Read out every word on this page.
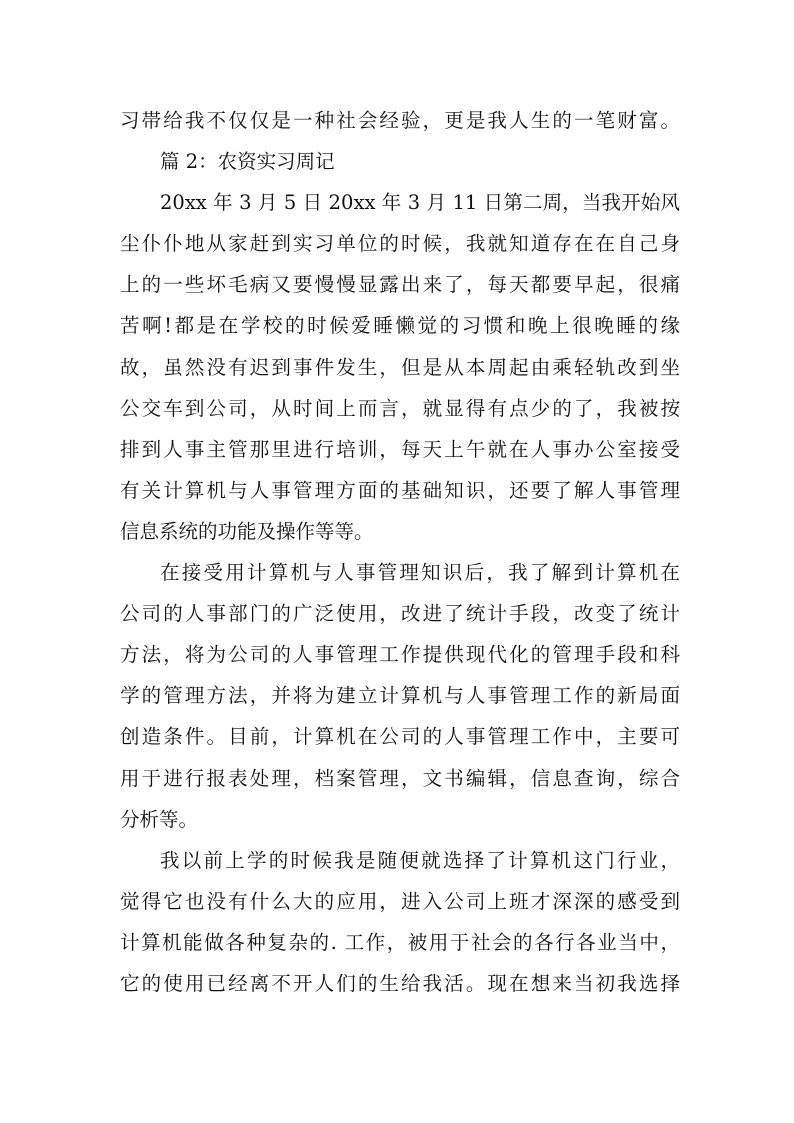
习帯给我不仅仅是一种社会经验，更是我人生的一笔财富。
篇 2：农资实习周记
20xx 年 3 月 5 日 20xx 年 3 月 11 日第二周，当我开始风
尘仆仆地从家赶到实习单位的时候，我就知道存在在自己身
上的一些坏毛病又要慢慢显露出来了，每天都要早起，很痛
苦啊!都是在学校的时候爱睡懒觉的习惯和晚上很晚睡的缘
故，虽然没有迟到事件发生，但是从本周起由乘轻轨改到坐
公交车到公司，从时间上而言，就显得有点少的了，我被按
排到人事主管那里进行培训，每天上午就在人事办公室接受
有关计算机与人事管理方面的基础知识，还要了解人事管理
信息系统的功能及操作等等。
在接受用计算机与人事管理知识后，我了解到计算机在
公司的人事部门的广泛使用，改进了统计手段，改变了统计
方法，将为公司的人事管理工作提供现代化的管理手段和科
学的管理方法，并将为建立计算机与人事管理工作的新局面
创造条件。目前，计算机在公司的人事管理工作中，主要可
用于进行报表处理，档案管理，文书编辑，信息查询，综合
分析等。
我以前上学的时候我是随便就选择了计算机这门行业，
觉得它也没有什么大的应用，进入公司上班才深深的感受到
计算机能做各种复杂的. 工作，被用于社会的各行各业当中，
它的使用已经离不开人们的生给我活。现在想来当初我选择
